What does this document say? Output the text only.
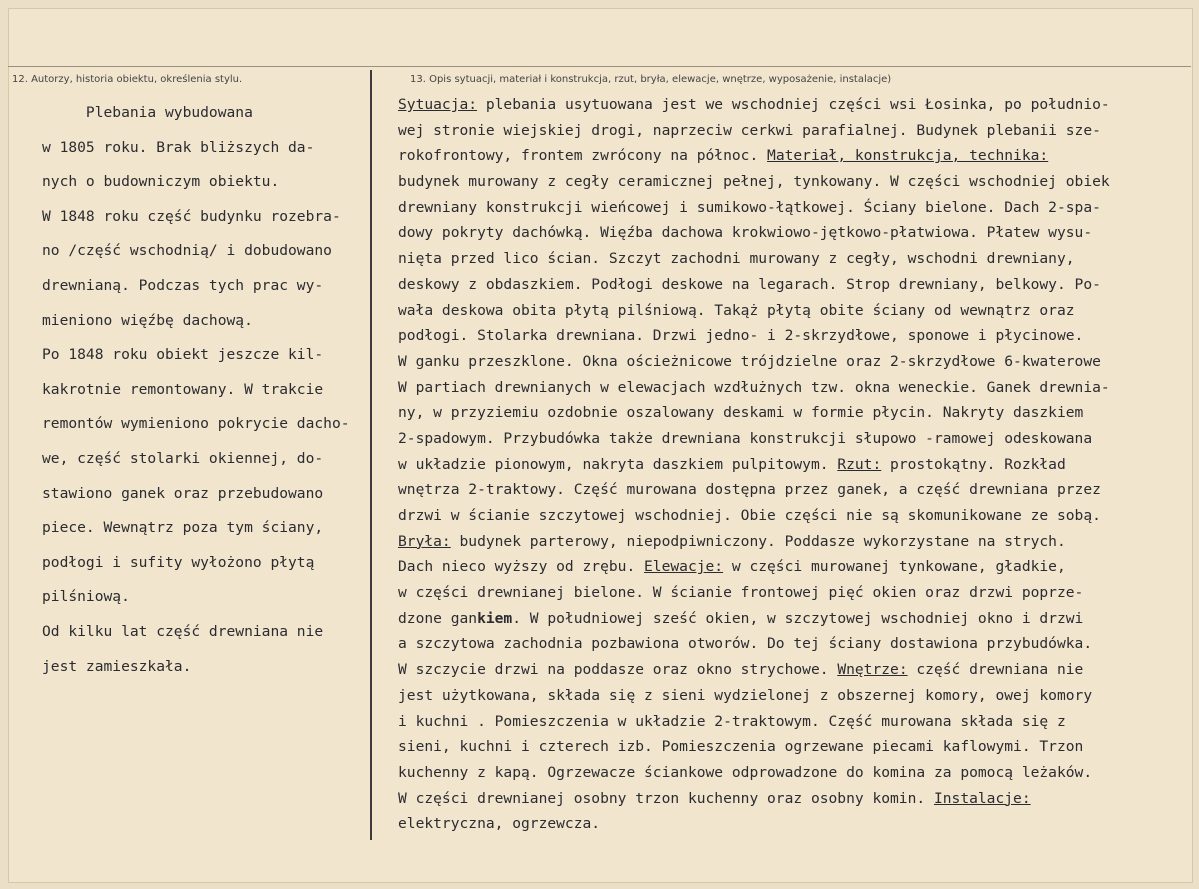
12. Autorzy, historia obiektu, określenia stylu.	13. Opis sytuacji, materiał i konstrukcja, rzut, bryła, elewacje, wnętrze, wyposażenie, instalacje)
Plebania wybudowana
w 1805 roku. Brak bliższych da-
nych o budowniczym obiektu.
W 1848 roku część budynku rozebra-
no /część wschodnią/ i dobudowano
drewnianą. Podczas tych prac wy-
mieniono więźbę dachową.
Po 1848 roku obiekt jeszcze kil-
kakrotnie remontowany. W trakcie
remontów wymieniono pokrycie dacho-
we, część stolarki okiennej, do-
stawiono ganek oraz przebudowano
piece. Wewnątrz poza tym ściany,
podłogi i sufity wyłożono płytą
pilśniową.
Od kilku lat część drewniana nie
jest zamieszkała.
Sytuacja: plebania usytuowana jest we wschodniej części wsi Łosinka, po południo-
wej stronie wiejskiej drogi, naprzeciw cerkwi parafialnej. Budynek plebanii sze-
rokofrontowy, frontem zwrócony na północ. Materiał, konstrukcja, technika:
budynek murowany z cegły ceramicznej pełnej, tynkowany. W części wschodniej obiek
drewniany konstrukcji wieńcowej i sumikowo-łątkowej. Ściany bielone. Dach 2-spa-
dowy pokryty dachówką. Więźba dachowa krokwiowo-jętkowo-płatwiowa. Płatew wysu-
nięta przed lico ścian. Szczyt zachodni murowany z cegły, wschodni drewniany,
deskowy z obdaszkiem. Podłogi deskowe na legarach. Strop drewniany, belkowy. Po-
wała deskowa obita płytą pilśniową. Takąż płytą obite ściany od wewnątrz oraz
podłogi. Stolarka drewniana. Drzwi jedno- i 2-skrzydłowe, sponowe i płycinowe.
W ganku przeszklone. Okna ościeżnicowe trójdzielne oraz 2-skrzydłowe 6-kwaterowe
W partiach drewnianych w elewacjach wzdłużnych tzw. okna weneckie. Ganek drewnia-
ny, w przyziemiu ozdobnie oszalowany deskami w formie płycin. Nakryty daszkiem
2-spadowym. Przybudówka także drewniana konstrukcji słupowo -ramowej odeskowana
w układzie pionowym, nakryta daszkiem pulpitowym. Rzut: prostokątny. Rozkład
wnętrza 2-traktowy. Część murowana dostępna przez ganek, a część drewniana przez
drzwi w ścianie szczytowej wschodniej. Obie części nie są skomunikowane ze sobą.
Bryła: budynek parterowy, niepodpiwniczony. Poddasze wykorzystane na strych.
Dach nieco wyższy od zrębu. Elewacje: w części murowanej tynkowane, gładkie,
w części drewnianej bielone. W ścianie frontowej pięć okien oraz drzwi poprze-
dzone gankiem. W południowej sześć okien, w szczytowej wschodniej okno i drzwi
a szczytowa zachodnia pozbawiona otworów. Do tej ściany dostawiona przybudówka.
W szczycie drzwi na poddasze oraz okno strychowe. Wnętrze: część drewniana nie
jest użytkowana, składa się z sieni wydzielonej z obszernej komory, owej komory
i kuchni . Pomieszczenia w układzie 2-traktowym. Część murowana składa się z
sieni, kuchni i czterech izb. Pomieszczenia ogrzewane piecami kaflowymi. Trzon
kuchenny z kapą. Ogrzewacze ściankowe odprowadzone do komina za pomocą leżaków.
W części drewnianej osobny trzon kuchenny oraz osobny komin. Instalacje:
elektryczna, ogrzewcza.
